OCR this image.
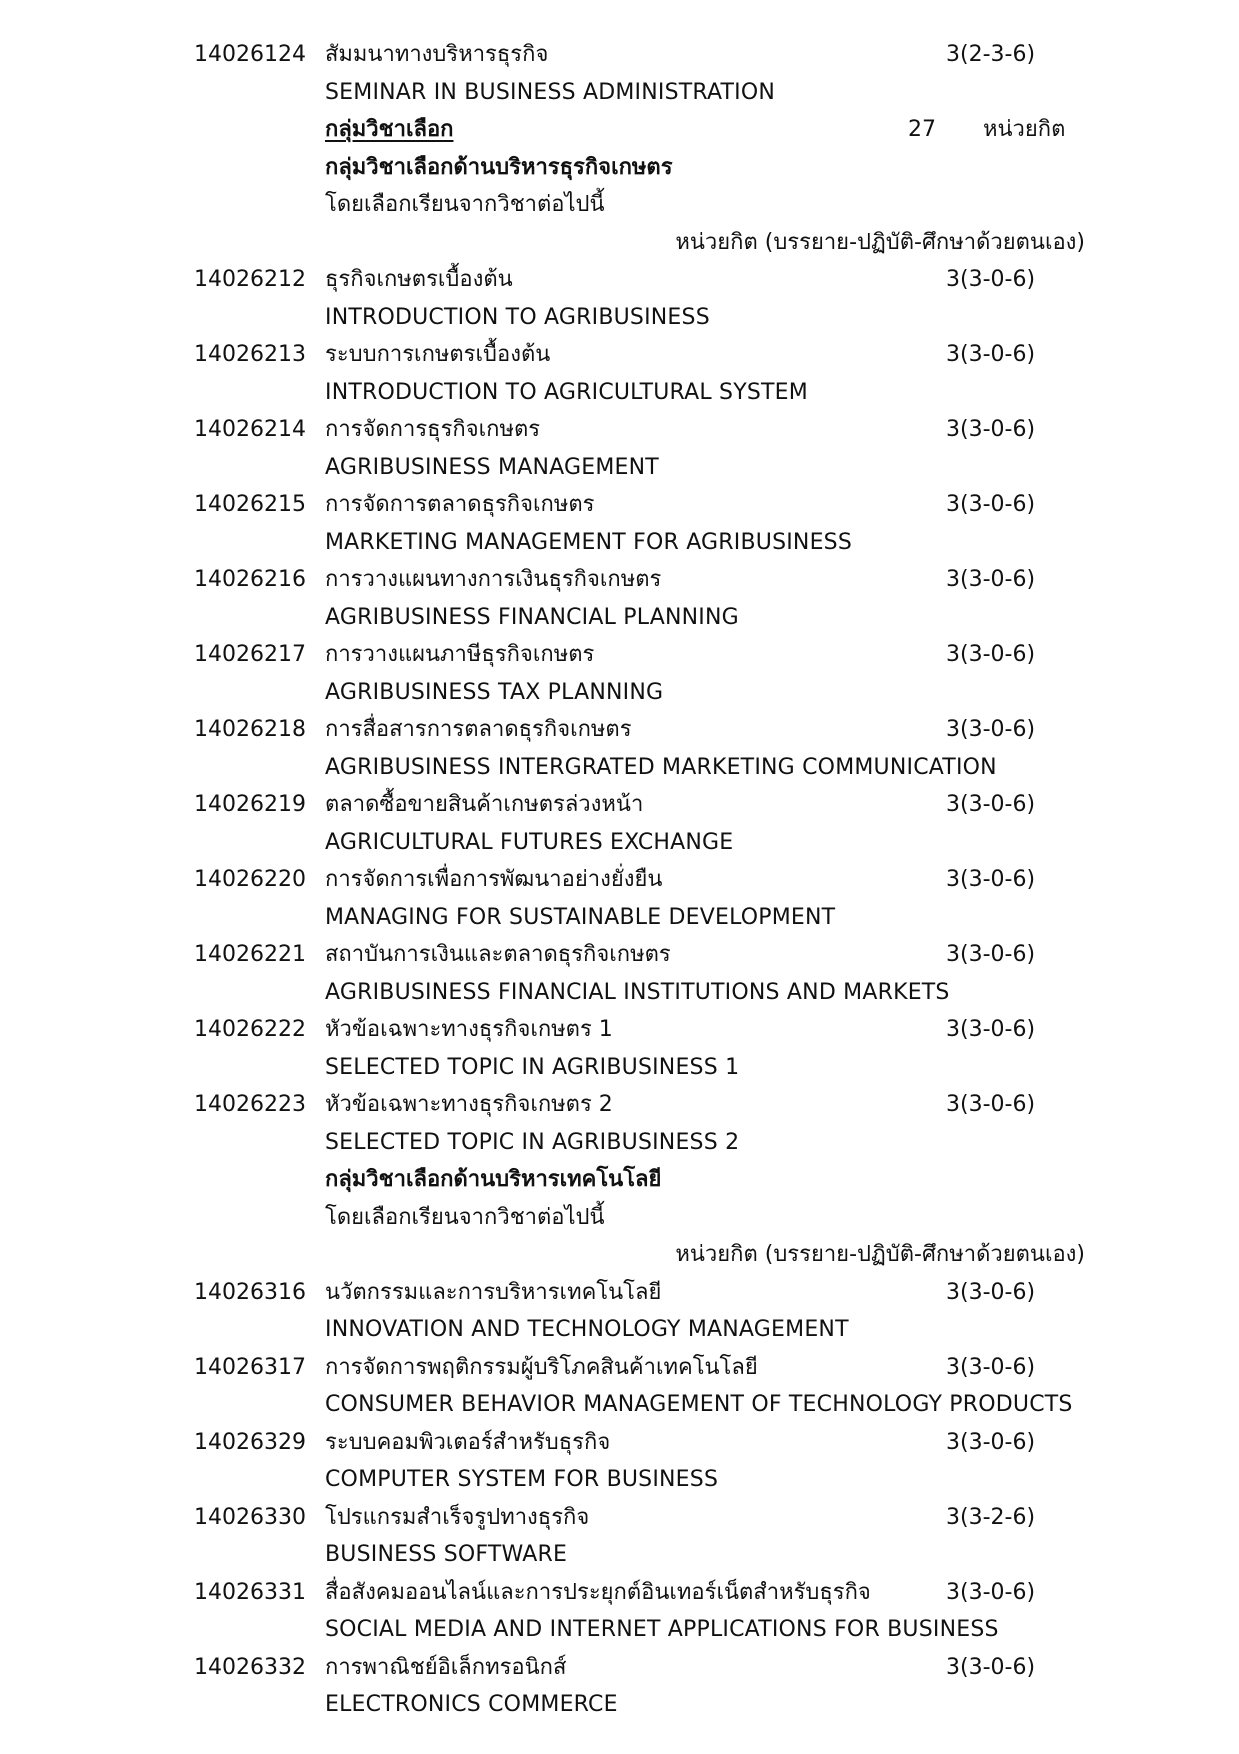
14026124 สัมมนาทางบริหารธุรกิจ	3(2-3-6)
SEMINAR IN BUSINESS ADMINISTRATION
กลุ่มวิชาเลือก	27 หน่วยกิต
กลุ่มวิชาเลือกด้านบริหารธุรกิจเกษตร
โดยเลือกเรียนจากวิชาต่อไปนี้
หน่วยกิต (บรรยาย-ปฏิบัติ-ศึกษาด้วยตนเอง)
14026212 ธุรกิจเกษตรเบื้องต้น	3(3-0-6)
INTRODUCTION TO AGRIBUSINESS
14026213 ระบบการเกษตรเบื้องต้น	3(3-0-6)
INTRODUCTION TO AGRICULTURAL SYSTEM
14026214 การจัดการธุรกิจเกษตร	3(3-0-6)
AGRIBUSINESS MANAGEMENT
14026215 การจัดการตลาดธุรกิจเกษตร	3(3-0-6)
MARKETING MANAGEMENT FOR AGRIBUSINESS
14026216 การวางแผนทางการเงินธุรกิจเกษตร	3(3-0-6)
AGRIBUSINESS FINANCIAL PLANNING
14026217 การวางแผนภาษีธุรกิจเกษตร	3(3-0-6)
AGRIBUSINESS TAX PLANNING
14026218 การสื่อสารการตลาดธุรกิจเกษตร	3(3-0-6)
AGRIBUSINESS INTERGRATED MARKETING COMMUNICATION
14026219 ตลาดซื้อขายสินค้าเกษตรล่วงหน้า	3(3-0-6)
AGRICULTURAL FUTURES EXCHANGE
14026220 การจัดการเพื่อการพัฒนาอย่างยั่งยืน	3(3-0-6)
MANAGING FOR SUSTAINABLE DEVELOPMENT
14026221 สถาบันการเงินและตลาดธุรกิจเกษตร	3(3-0-6)
AGRIBUSINESS FINANCIAL INSTITUTIONS AND MARKETS
14026222 หัวข้อเฉพาะทางธุรกิจเกษตร 1	3(3-0-6)
SELECTED TOPIC IN AGRIBUSINESS 1
14026223 หัวข้อเฉพาะทางธุรกิจเกษตร 2	3(3-0-6)
SELECTED TOPIC IN AGRIBUSINESS 2
กลุ่มวิชาเลือกด้านบริหารเทคโนโลยี
โดยเลือกเรียนจากวิชาต่อไปนี้
หน่วยกิต (บรรยาย-ปฏิบัติ-ศึกษาด้วยตนเอง)
14026316 นวัตกรรมและการบริหารเทคโนโลยี	3(3-0-6)
INNOVATION AND TECHNOLOGY MANAGEMENT
14026317 การจัดการพฤติกรรมผู้บริโภคสินค้าเทคโนโลยี	3(3-0-6)
CONSUMER BEHAVIOR MANAGEMENT OF TECHNOLOGY PRODUCTS
14026329 ระบบคอมพิวเตอร์สำหรับธุรกิจ	3(3-0-6)
COMPUTER SYSTEM FOR BUSINESS
14026330 โปรแกรมสำเร็จรูปทางธุรกิจ	3(3-2-6)
BUSINESS SOFTWARE
14026331 สื่อสังคมออนไลน์และการประยุกต์อินเทอร์เน็ตสำหรับธุรกิจ	3(3-0-6)
SOCIAL MEDIA AND INTERNET APPLICATIONS FOR BUSINESS
14026332 การพาณิชย์อิเล็กทรอนิกส์	3(3-0-6)
ELECTRONICS COMMERCE
